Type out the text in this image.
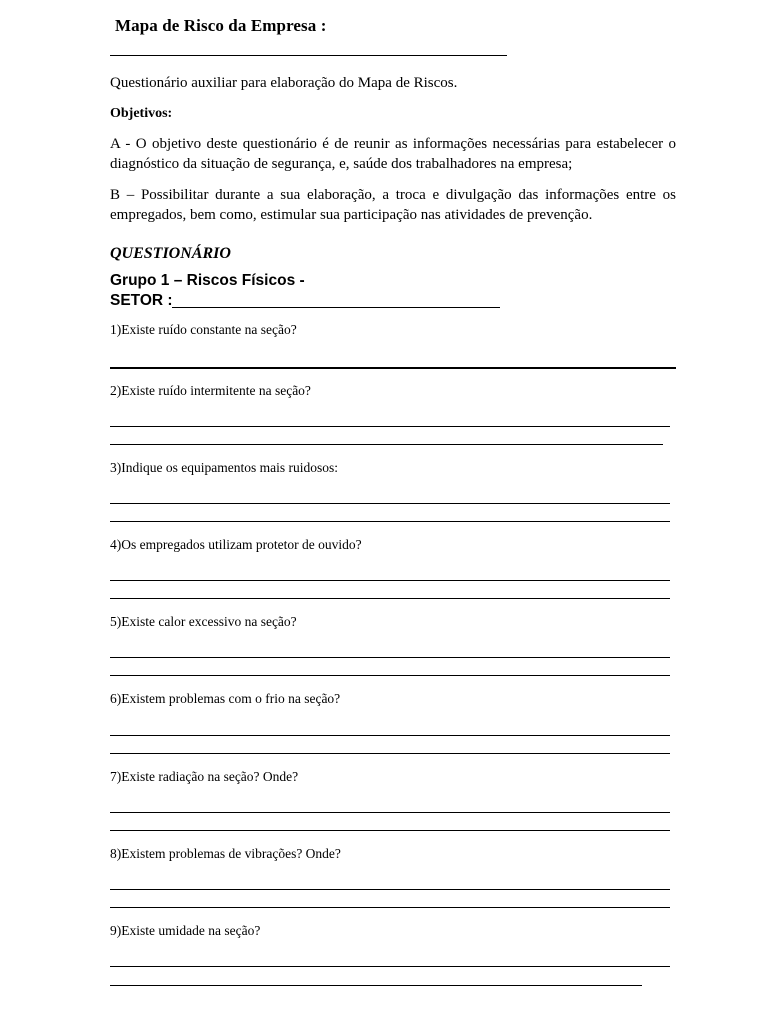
Mapa de Risco da Empresa :
Questionário auxiliar para elaboração do Mapa de Riscos.
Objetivos:
A - O objetivo deste questionário é de reunir as informações necessárias para estabelecer o diagnóstico da situação de segurança, e, saúde dos trabalhadores na empresa;
B – Possibilitar durante a sua elaboração, a troca e divulgação das informações entre os empregados, bem como, estimular sua participação nas atividades de prevenção.
QUESTIONÁRIO
Grupo 1 – Riscos Físicos -
SETOR :
1)Existe ruído constante na seção?
2)Existe ruído intermitente na seção?
3)Indique os equipamentos mais ruidosos:
4)Os empregados utilizam protetor de ouvido?
5)Existe calor excessivo na seção?
6)Existem problemas com o frio na seção?
7)Existe radiação na seção? Onde?
8)Existem problemas de vibrações? Onde?
9)Existe umidade na seção?
